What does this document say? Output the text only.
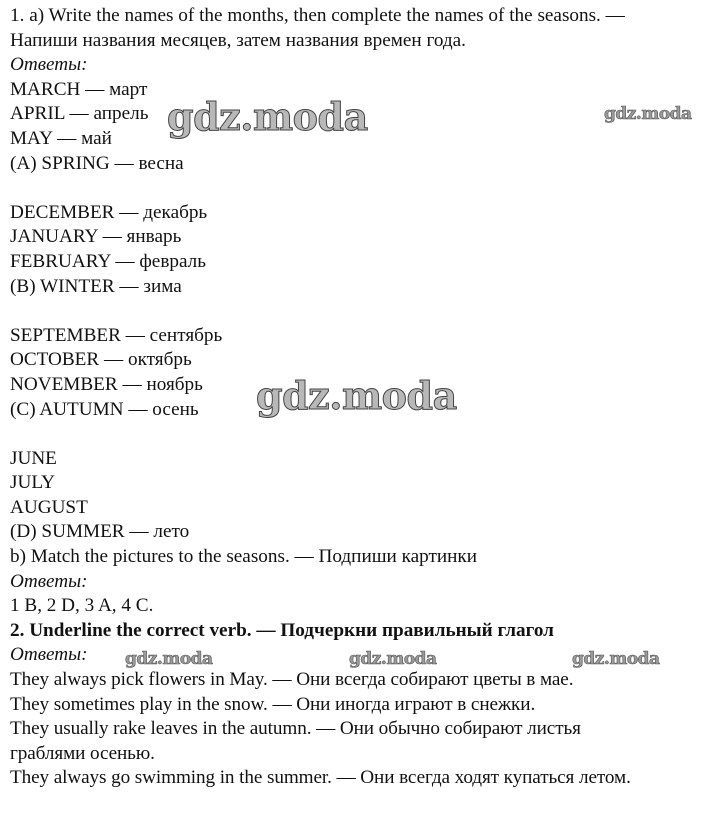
1. a) Write the names of the months, then complete the names of the seasons. —
Напиши названия месяцев, затем названия времен года.
Ответы:
MARCH — март
APRIL — апрель
MAY — май
(A) SPRING — весна
DECEMBER — декабрь
JANUARY — январь
FEBRUARY — февраль
(B) WINTER — зима
SEPTEMBER — сентябрь
OCTOBER — октябрь
NOVEMBER — ноябрь
(C) AUTUMN — осень
JUNE
JULY
AUGUST
(D) SUMMER — лето
b) Match the pictures to the seasons. — Подпиши картинки
Ответы:
1 B, 2 D, 3 A, 4 C.
2. Underline the correct verb. — Подчеркни правильный глагол
Ответы:
They always pick flowers in May. — Они всегда собирают цветы в мае.
They sometimes play in the snow. — Они иногда играют в снежки.
They usually rake leaves in the autumn. — Они обычно собирают листья
граблями осенью.
They always go swimming in the summer. — Они всегда ходят купаться летом.
gdz.moda	gdz.moda
gdz.moda
gdz.moda	gdz.moda	gdz.moda
